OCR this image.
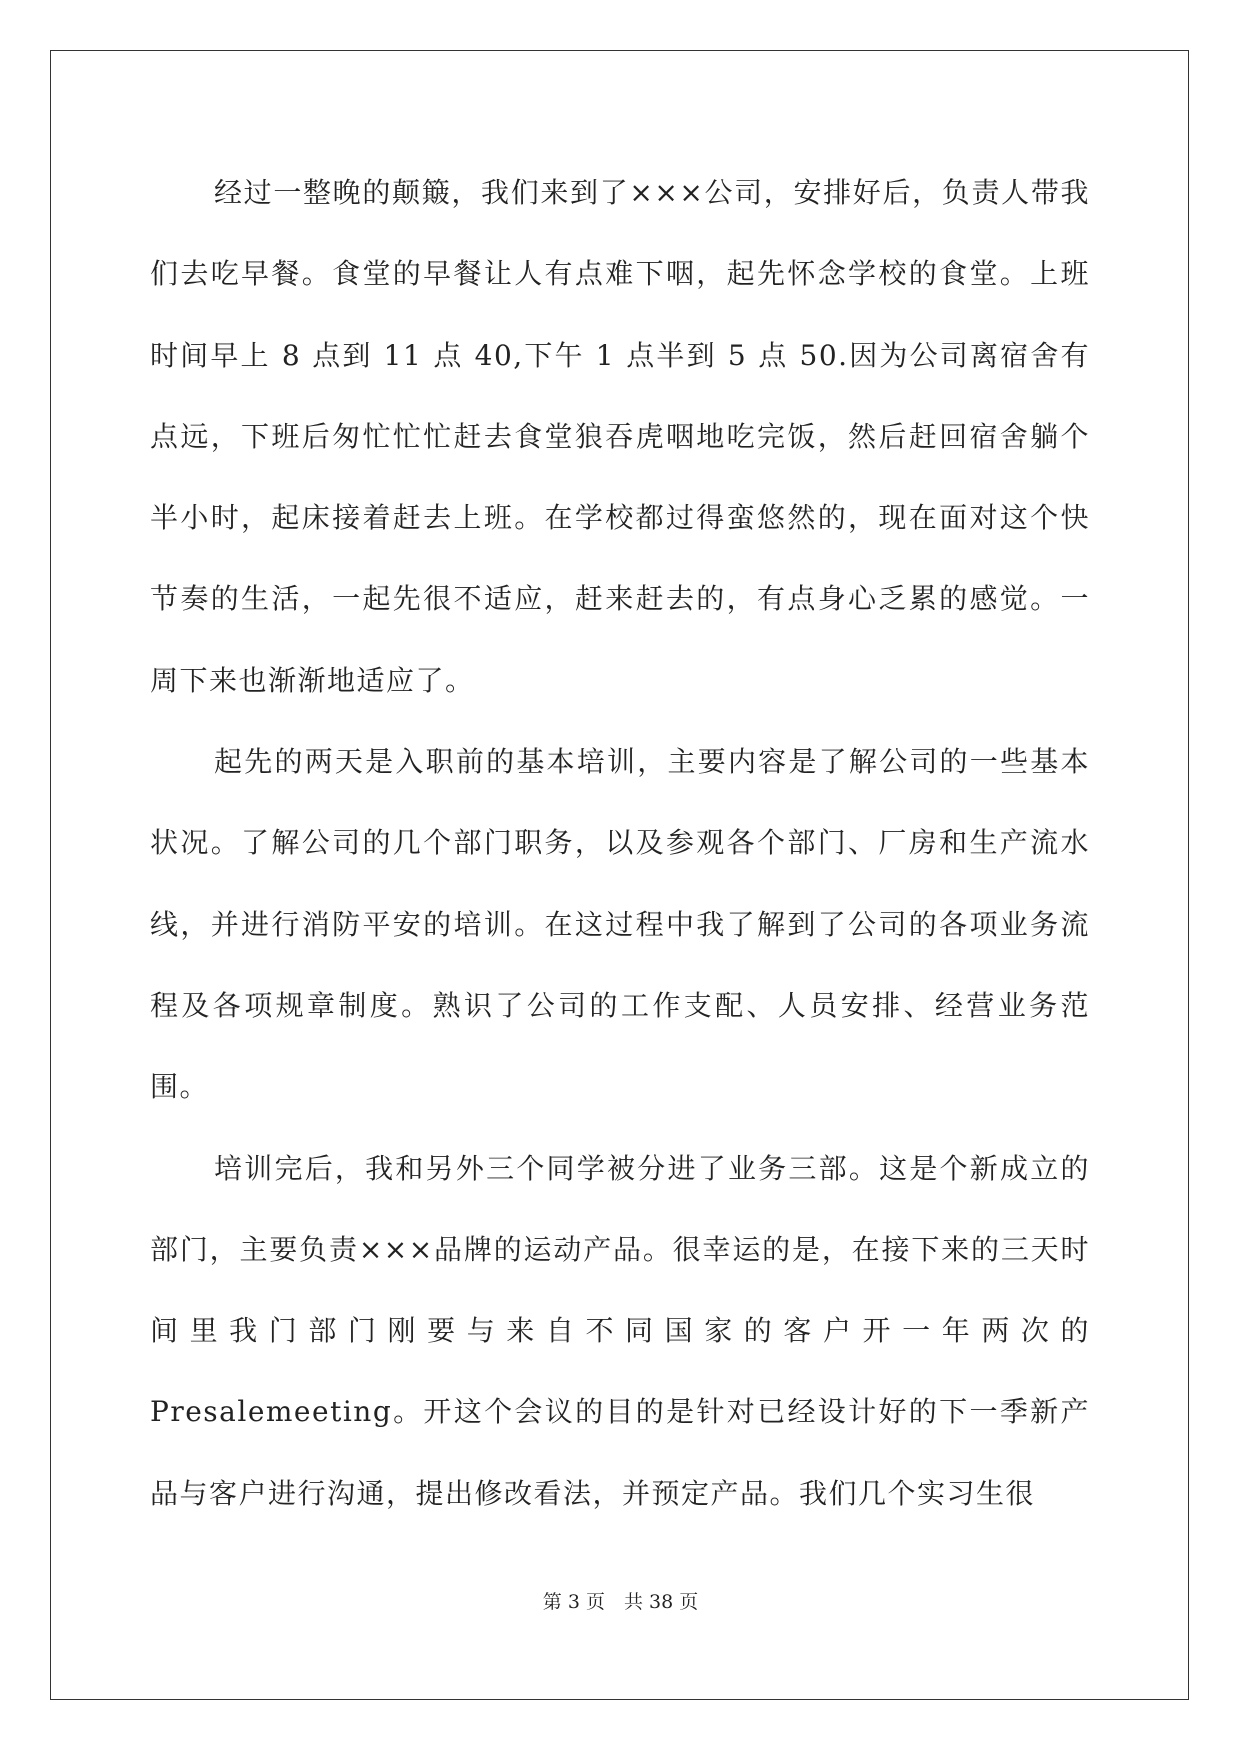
经过一整晚的颠簸，我们来到了×××公司，安排好后，负责人带我们去吃早餐。食堂的早餐让人有点难下咽，起先怀念学校的食堂。上班时间早上 8 点到 11 点 40,下午 1 点半到 5 点 50.因为公司离宿舍有点远，下班后匆忙忙忙赶去食堂狼吞虎咽地吃完饭，然后赶回宿舍躺个半小时，起床接着赶去上班。在学校都过得蛮悠然的，现在面对这个快节奏的生活，一起先很不适应，赶来赶去的，有点身心乏累的感觉。一周下来也渐渐地适应了。

起先的两天是入职前的基本培训，主要内容是了解公司的一些基本状况。了解公司的几个部门职务，以及参观各个部门、厂房和生产流水线，并进行消防平安的培训。在这过程中我了解到了公司的各项业务流程及各项规章制度。熟识了公司的工作支配、人员安排、经营业务范围。

培训完后，我和另外三个同学被分进了业务三部。这是个新成立的部门，主要负责×××品牌的运动产品。很幸运的是，在接下来的三天时间里我门部门刚要与来自不同国家的客户开一年两次的Presalemeeting。开这个会议的目的是针对已经设计好的下一季新产品与客户进行沟通，提出修改看法，并预定产品。我们几个实习生很

第 3 页　共 38 页
